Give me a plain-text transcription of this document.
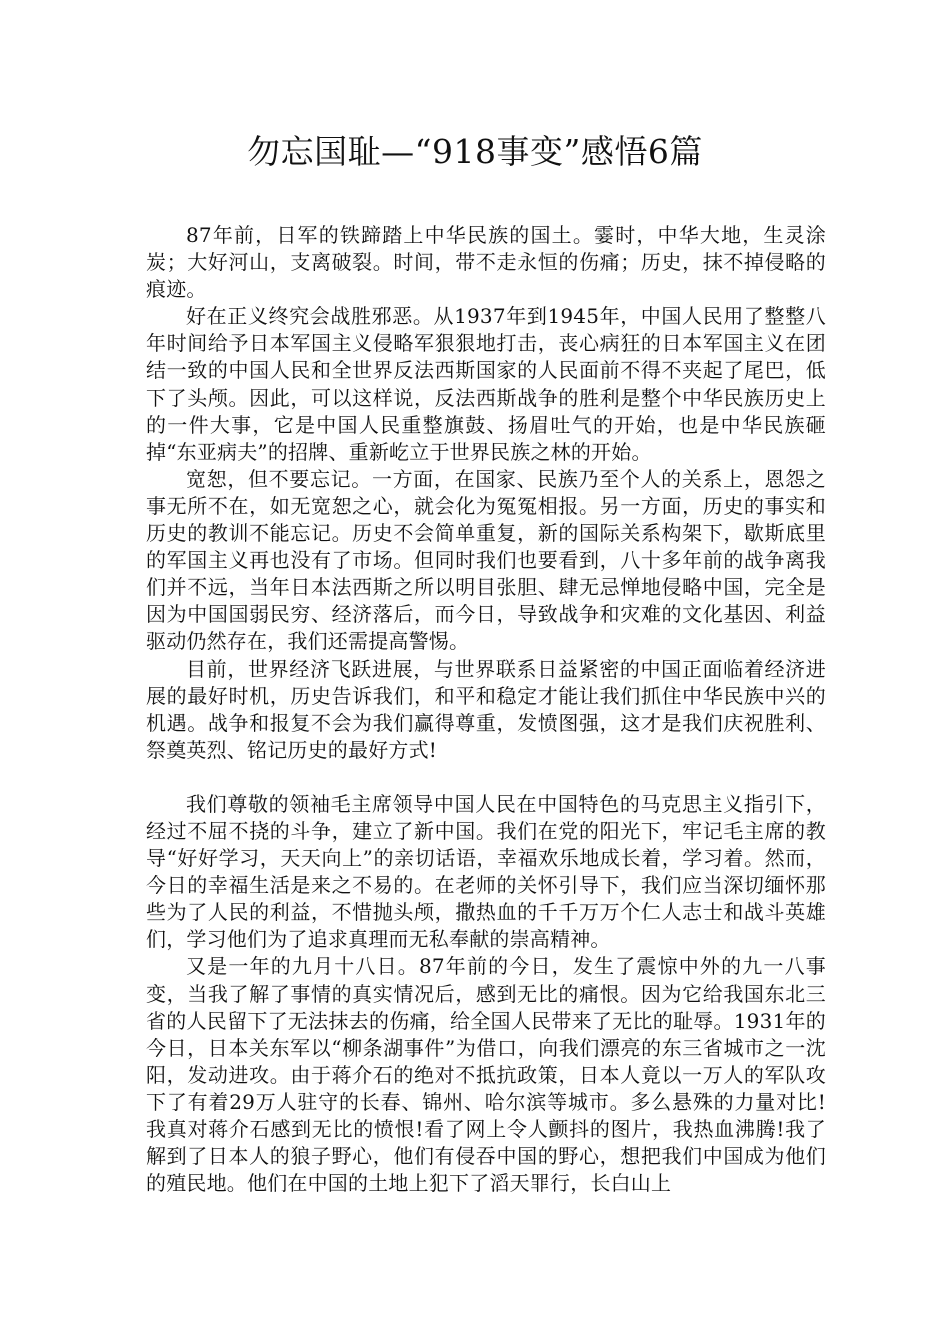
勿忘国耻—“918事变”感悟6篇

87年前，日军的铁蹄踏上中华民族的国土。霎时，中华大地，生灵涂炭；大好河山，支离破裂。时间，带不走永恒的伤痛；历史，抹不掉侵略的痕迹。

好在正义终究会战胜邪恶。从1937年到1945年，中国人民用了整整八年时间给予日本军国主义侵略军狠狠地打击，丧心病狂的日本军国主义在团结一致的中国人民和全世界反法西斯国家的人民面前不得不夹起了尾巴，低下了头颅。因此，可以这样说，反法西斯战争的胜利是整个中华民族历史上的一件大事，它是中国人民重整旗鼓、扬眉吐气的开始，也是中华民族砸掉“东亚病夫”的招牌、重新屹立于世界民族之林的开始。

宽恕，但不要忘记。一方面，在国家、民族乃至个人的关系上，恩怨之事无所不在，如无宽恕之心，就会化为冤冤相报。另一方面，历史的事实和历史的教训不能忘记。历史不会简单重复，新的国际关系构架下，歇斯底里的军国主义再也没有了市场。但同时我们也要看到，八十多年前的战争离我们并不远，当年日本法西斯之所以明目张胆、肆无忌惮地侵略中国，完全是因为中国国弱民穷、经济落后，而今日，导致战争和灾难的文化基因、利益驱动仍然存在，我们还需提高警惕。

目前，世界经济飞跃进展，与世界联系日益紧密的中国正面临着经济进展的最好时机，历史告诉我们，和平和稳定才能让我们抓住中华民族中兴的机遇。战争和报复不会为我们赢得尊重，发愤图强，这才是我们庆祝胜利、祭奠英烈、铭记历史的最好方式!

我们尊敬的领袖毛主席领导中国人民在中国特色的马克思主义指引下，经过不屈不挠的斗争，建立了新中国。我们在党的阳光下，牢记毛主席的教导“好好学习，天天向上”的亲切话语，幸福欢乐地成长着，学习着。然而，今日的幸福生活是来之不易的。在老师的关怀引导下，我们应当深切缅怀那些为了人民的利益，不惜抛头颅，撒热血的千千万万个仁人志士和战斗英雄们，学习他们为了追求真理而无私奉献的崇高精神。

又是一年的九月十八日。87年前的今日，发生了震惊中外的九一八事变，当我了解了事情的真实情况后，感到无比的痛恨。因为它给我国东北三省的人民留下了无法抹去的伤痛，给全国人民带来了无比的耻辱。1931年的今日，日本关东军以“柳条湖事件”为借口，向我们漂亮的东三省城市之一沈阳，发动进攻。由于蒋介石的绝对不抵抗政策，日本人竟以一万人的军队攻下了有着29万人驻守的长春、锦州、哈尔滨等城市。多么悬殊的力量对比!我真对蒋介石感到无比的愤恨!看了网上令人颤抖的图片，我热血沸腾!我了解到了日本人的狼子野心，他们有侵吞中国的野心，想把我们中国成为他们的殖民地。他们在中国的土地上犯下了滔天罪行，长白山上
